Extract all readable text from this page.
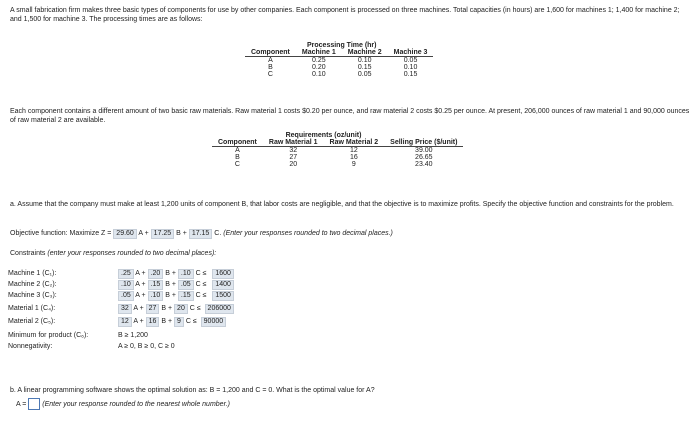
A small fabrication firm makes three basic types of components for use by other companies. Each component is processed on three machines. Total capacities (in hours) are 1,600 for machines 1; 1,400 for machine 2; and 1,500 for machine 3. The processing times are as follows:
	Processing Time (hr)		
Component	Machine 1	Machine 2	Machine 3
A	0.25	0.10	0.05
B	0.20	0.15	0.10
C	0.10	0.05	0.15
Each component contains a different amount of two basic raw materials. Raw material 1 costs $0.20 per ounce, and raw material 2 costs $0.25 per ounce. At present, 206,000 ounces of raw material 1 and 90,000 ounces of raw material 2 are available.
	Requirements (oz/unit)		
Component	Raw Material 1	Raw Material 2	Selling Price ($/unit)
A	32	12	39.00
B	27	16	26.65
C	20	9	23.40
a. Assume that the company must make at least 1,200 units of component B, that labor costs are negligible, and that the objective is to maximize profits. Specify the objective function and constraints for the problem.
Objective function: Maximize Z = 29.60 A + 17.25 B + 17.15 C. (Enter your responses rounded to two decimal places.)
Constraints (enter your responses rounded to two decimal places):
Machine 1 (C₁):	.25 A + .20 B + .10 C ≤ 1600
Machine 2 (C₂):	.10 A + .15 B + .05 C ≤ 1400
Machine 3 (C₃):	.05 A + .10 B + .15 C ≤ 1500
Material 1 (C₄):	32 A + 27 B + 20 C ≤ 206000
Material 2 (C₅):	12 A + 16 B + 9 C ≤ 90000
Minimum for product (C₆):	B ≥ 1,200
Nonnegativity:	A ≥ 0, B ≥ 0, C ≥ 0
b. A linear programming software shows the optimal solution as: B = 1,200 and C = 0. What is the optimal value for A?
A = (Enter your response rounded to the nearest whole number.)
